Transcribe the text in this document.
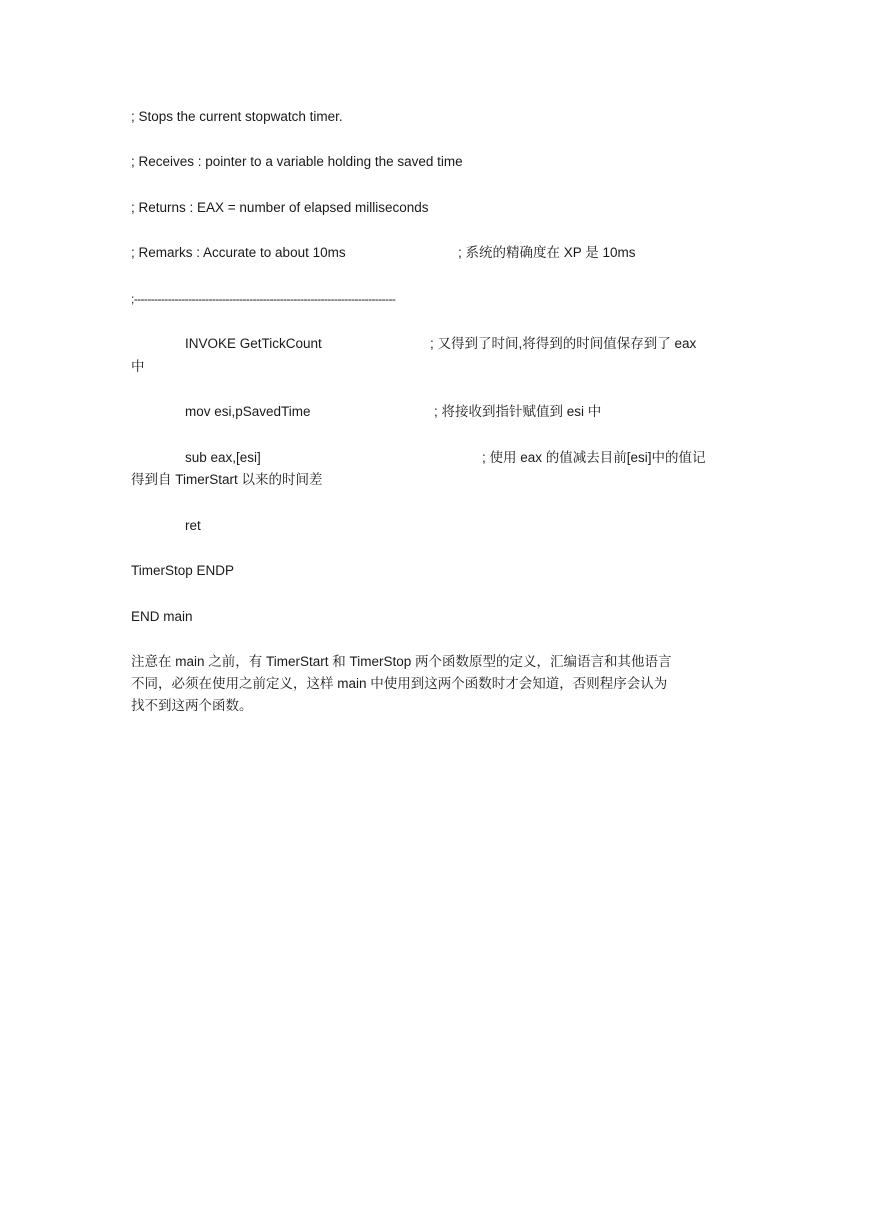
; Stops the current stopwatch timer.
; Receives : pointer to a variable holding the saved time
; Returns : EAX = number of elapsed milliseconds
; Remarks : Accurate to about 10ms	; 系统的精确度在 XP 是 10ms
;-----------------------------------------------------------------------------
INVOKE GetTickCount	; 又得到了时间,将得到的时间值保存到了 eax
中
mov esi,pSavedTime	; 将接收到指针赋值到 esi 中
sub eax,[esi]	; 使用 eax 的值减去目前[esi]中的值记
得到自 TimerStart 以来的时间差
ret
TimerStop ENDP
END main
注意在 main 之前，有 TimerStart 和 TimerStop 两个函数原型的定义，汇编语言和其他语言
不同，必须在使用之前定义，这样 main 中使用到这两个函数时才会知道，否则程序会认为
找不到这两个函数。
